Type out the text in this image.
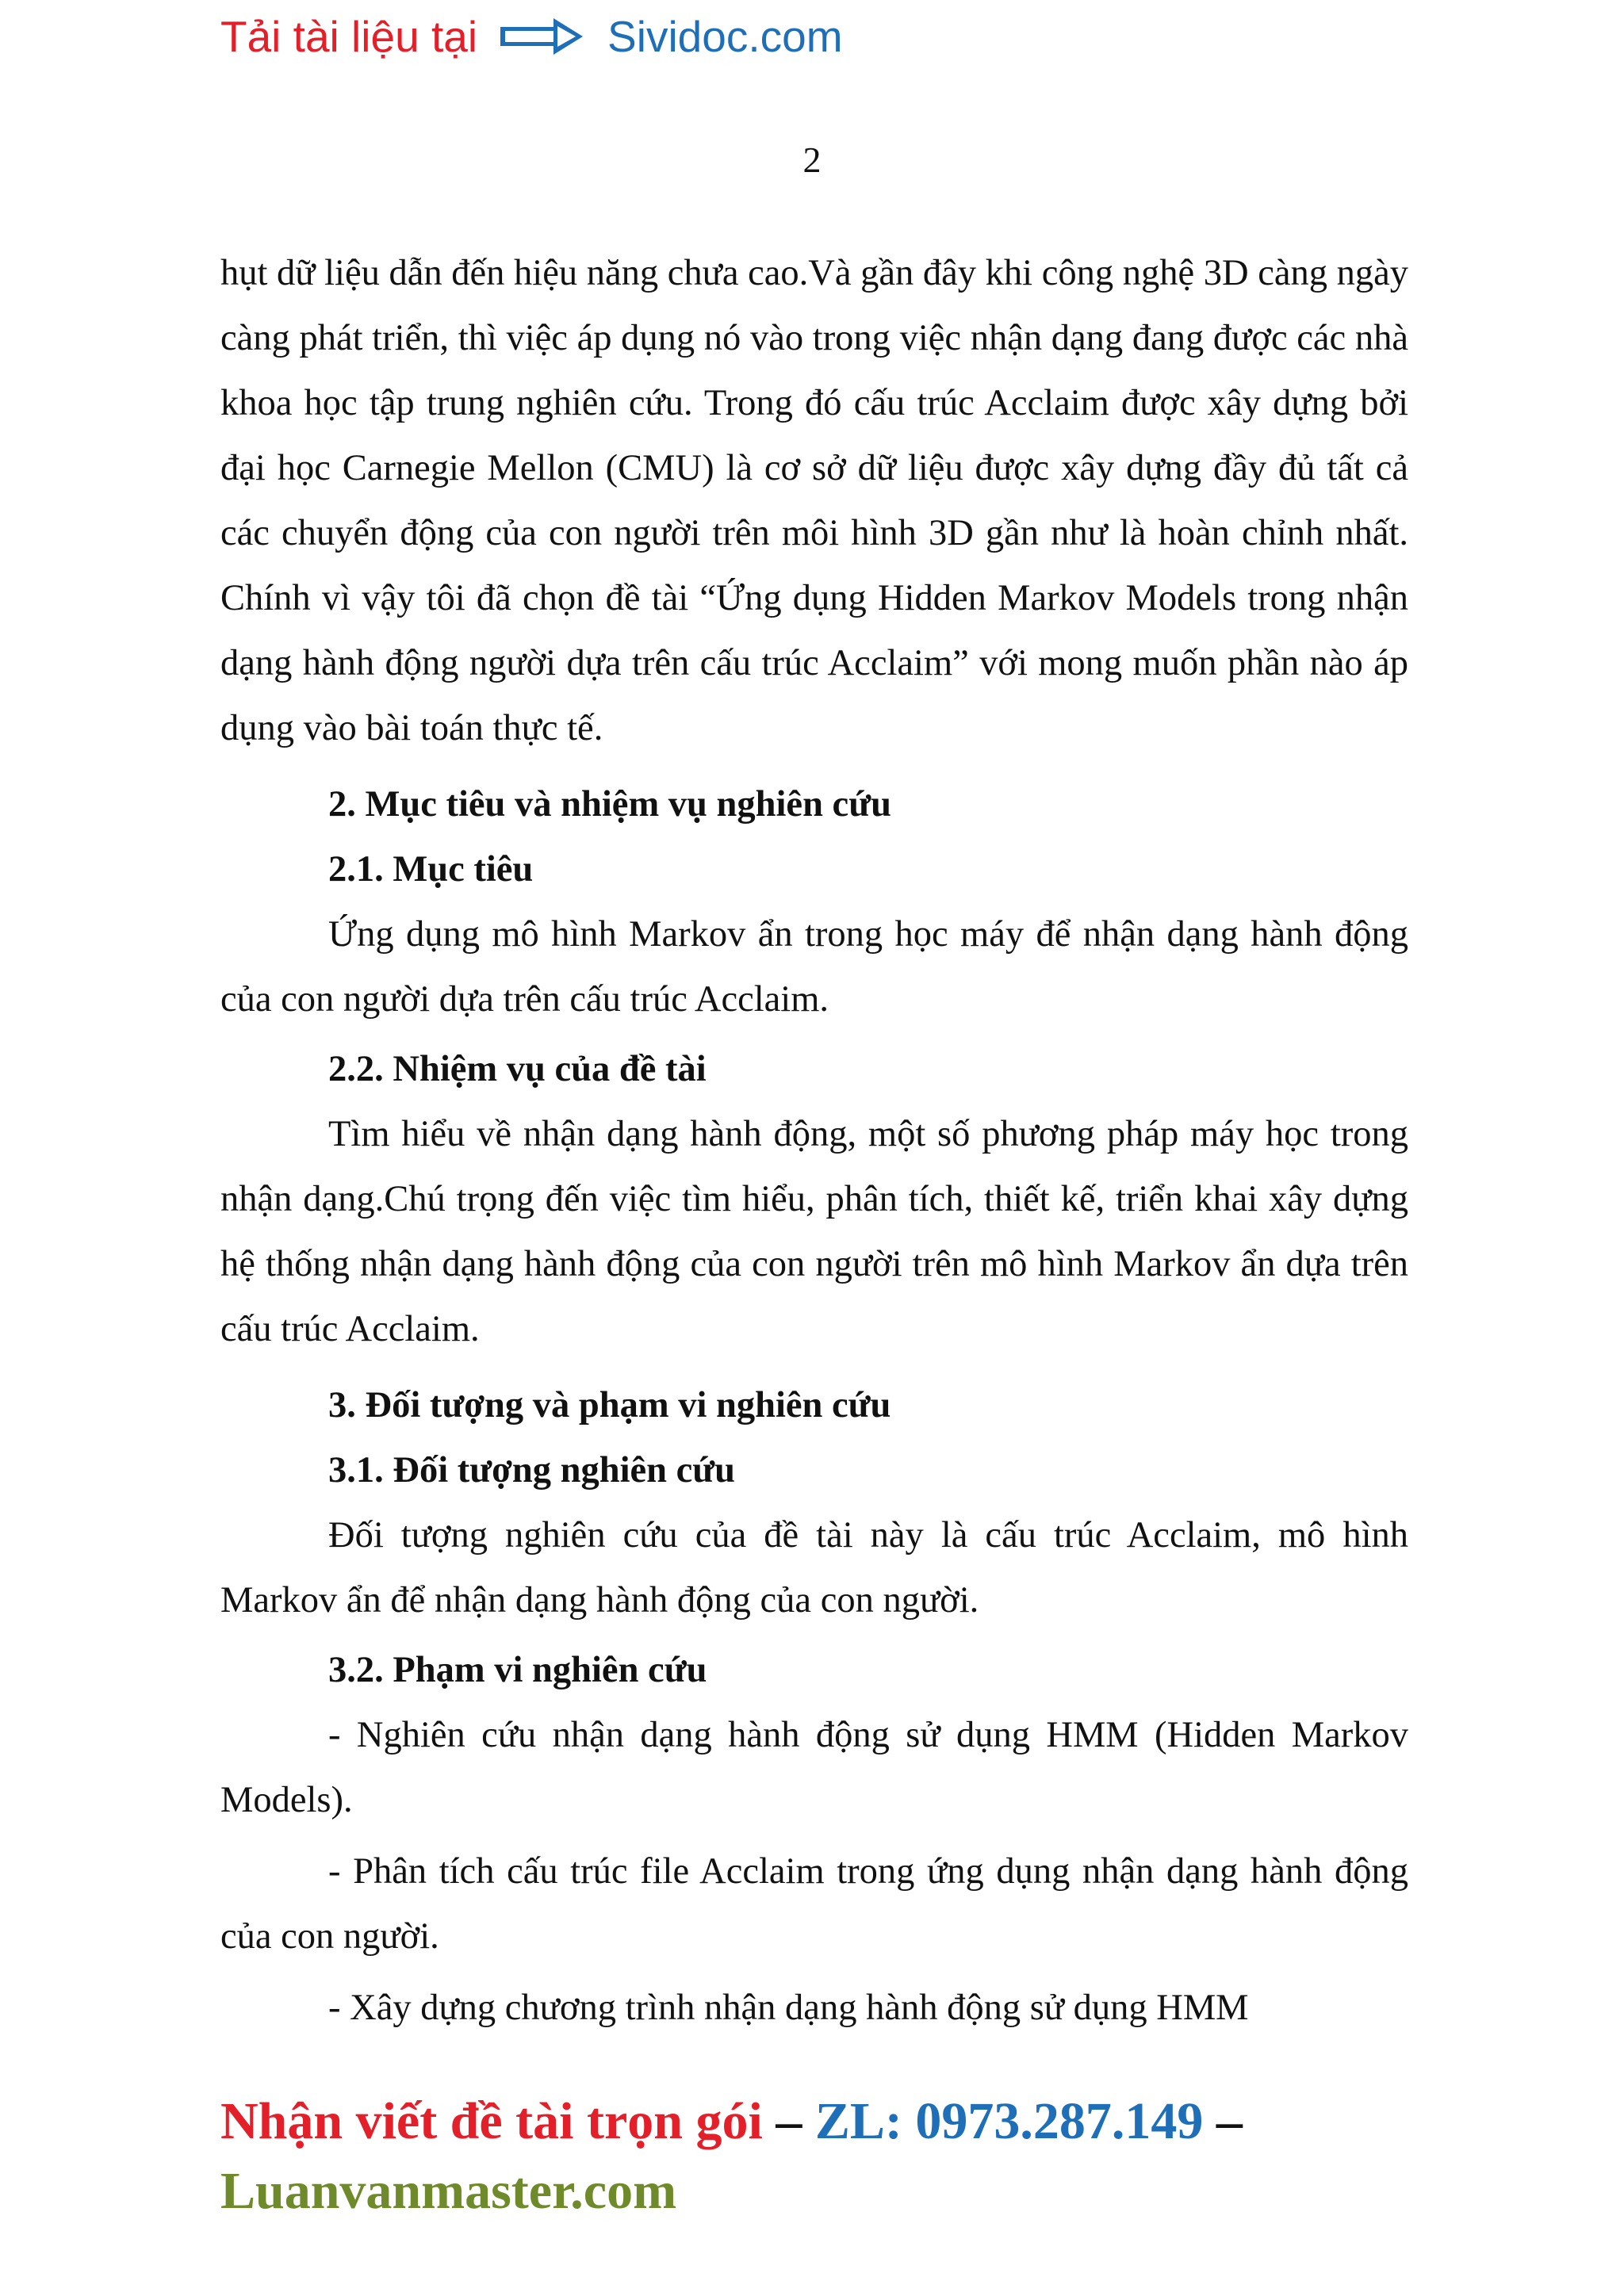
Tải tài liệu tại	Sividoc.com
2

hụt dữ liệu dẫn đến hiệu năng chưa cao.Và gần đây khi công nghệ 3D càng ngày càng phát triển, thì việc áp dụng nó vào trong việc nhận dạng đang được các nhà khoa học tập trung nghiên cứu. Trong đó cấu trúc Acclaim được xây dựng bởi đại học Carnegie Mellon (CMU) là cơ sở dữ liệu được xây dựng đầy đủ tất cả các chuyển động của con người trên môi hình 3D gần như là hoàn chỉnh nhất. Chính vì vậy tôi đã chọn đề tài “Ứng dụng Hidden Markov Models trong nhận dạng hành động người dựa trên cấu trúc Acclaim” với mong muốn phần nào áp dụng vào bài toán thực tế.

2. Mục tiêu và nhiệm vụ nghiên cứu
2.1. Mục tiêu

Ứng dụng mô hình Markov ẩn trong học máy để nhận dạng hành động của con người dựa trên cấu trúc Acclaim.

2.2. Nhiệm vụ của đề tài

Tìm hiểu về nhận dạng hành động, một số phương pháp máy học trong nhận dạng.Chú trọng đến việc tìm hiểu, phân tích, thiết kế, triển khai xây dựng hệ thống nhận dạng hành động của con người trên mô hình Markov ẩn dựa trên cấu trúc Acclaim.

3. Đối tượng và phạm vi nghiên cứu
3.1. Đối tượng nghiên cứu

Đối tượng nghiên cứu của đề tài này là cấu trúc Acclaim, mô hình Markov ẩn để nhận dạng hành động của con người.

3.2. Phạm vi nghiên cứu

- Nghiên cứu nhận dạng hành động sử dụng HMM (Hidden Markov Models).

- Phân tích cấu trúc file Acclaim trong ứng dụng nhận dạng hành động của con người.

- Xây dựng chương trình nhận dạng hành động sử dụng HMM

Nhận viết đề tài trọn gói – ZL: 0973.287.149 –
Luanvanmaster.com
